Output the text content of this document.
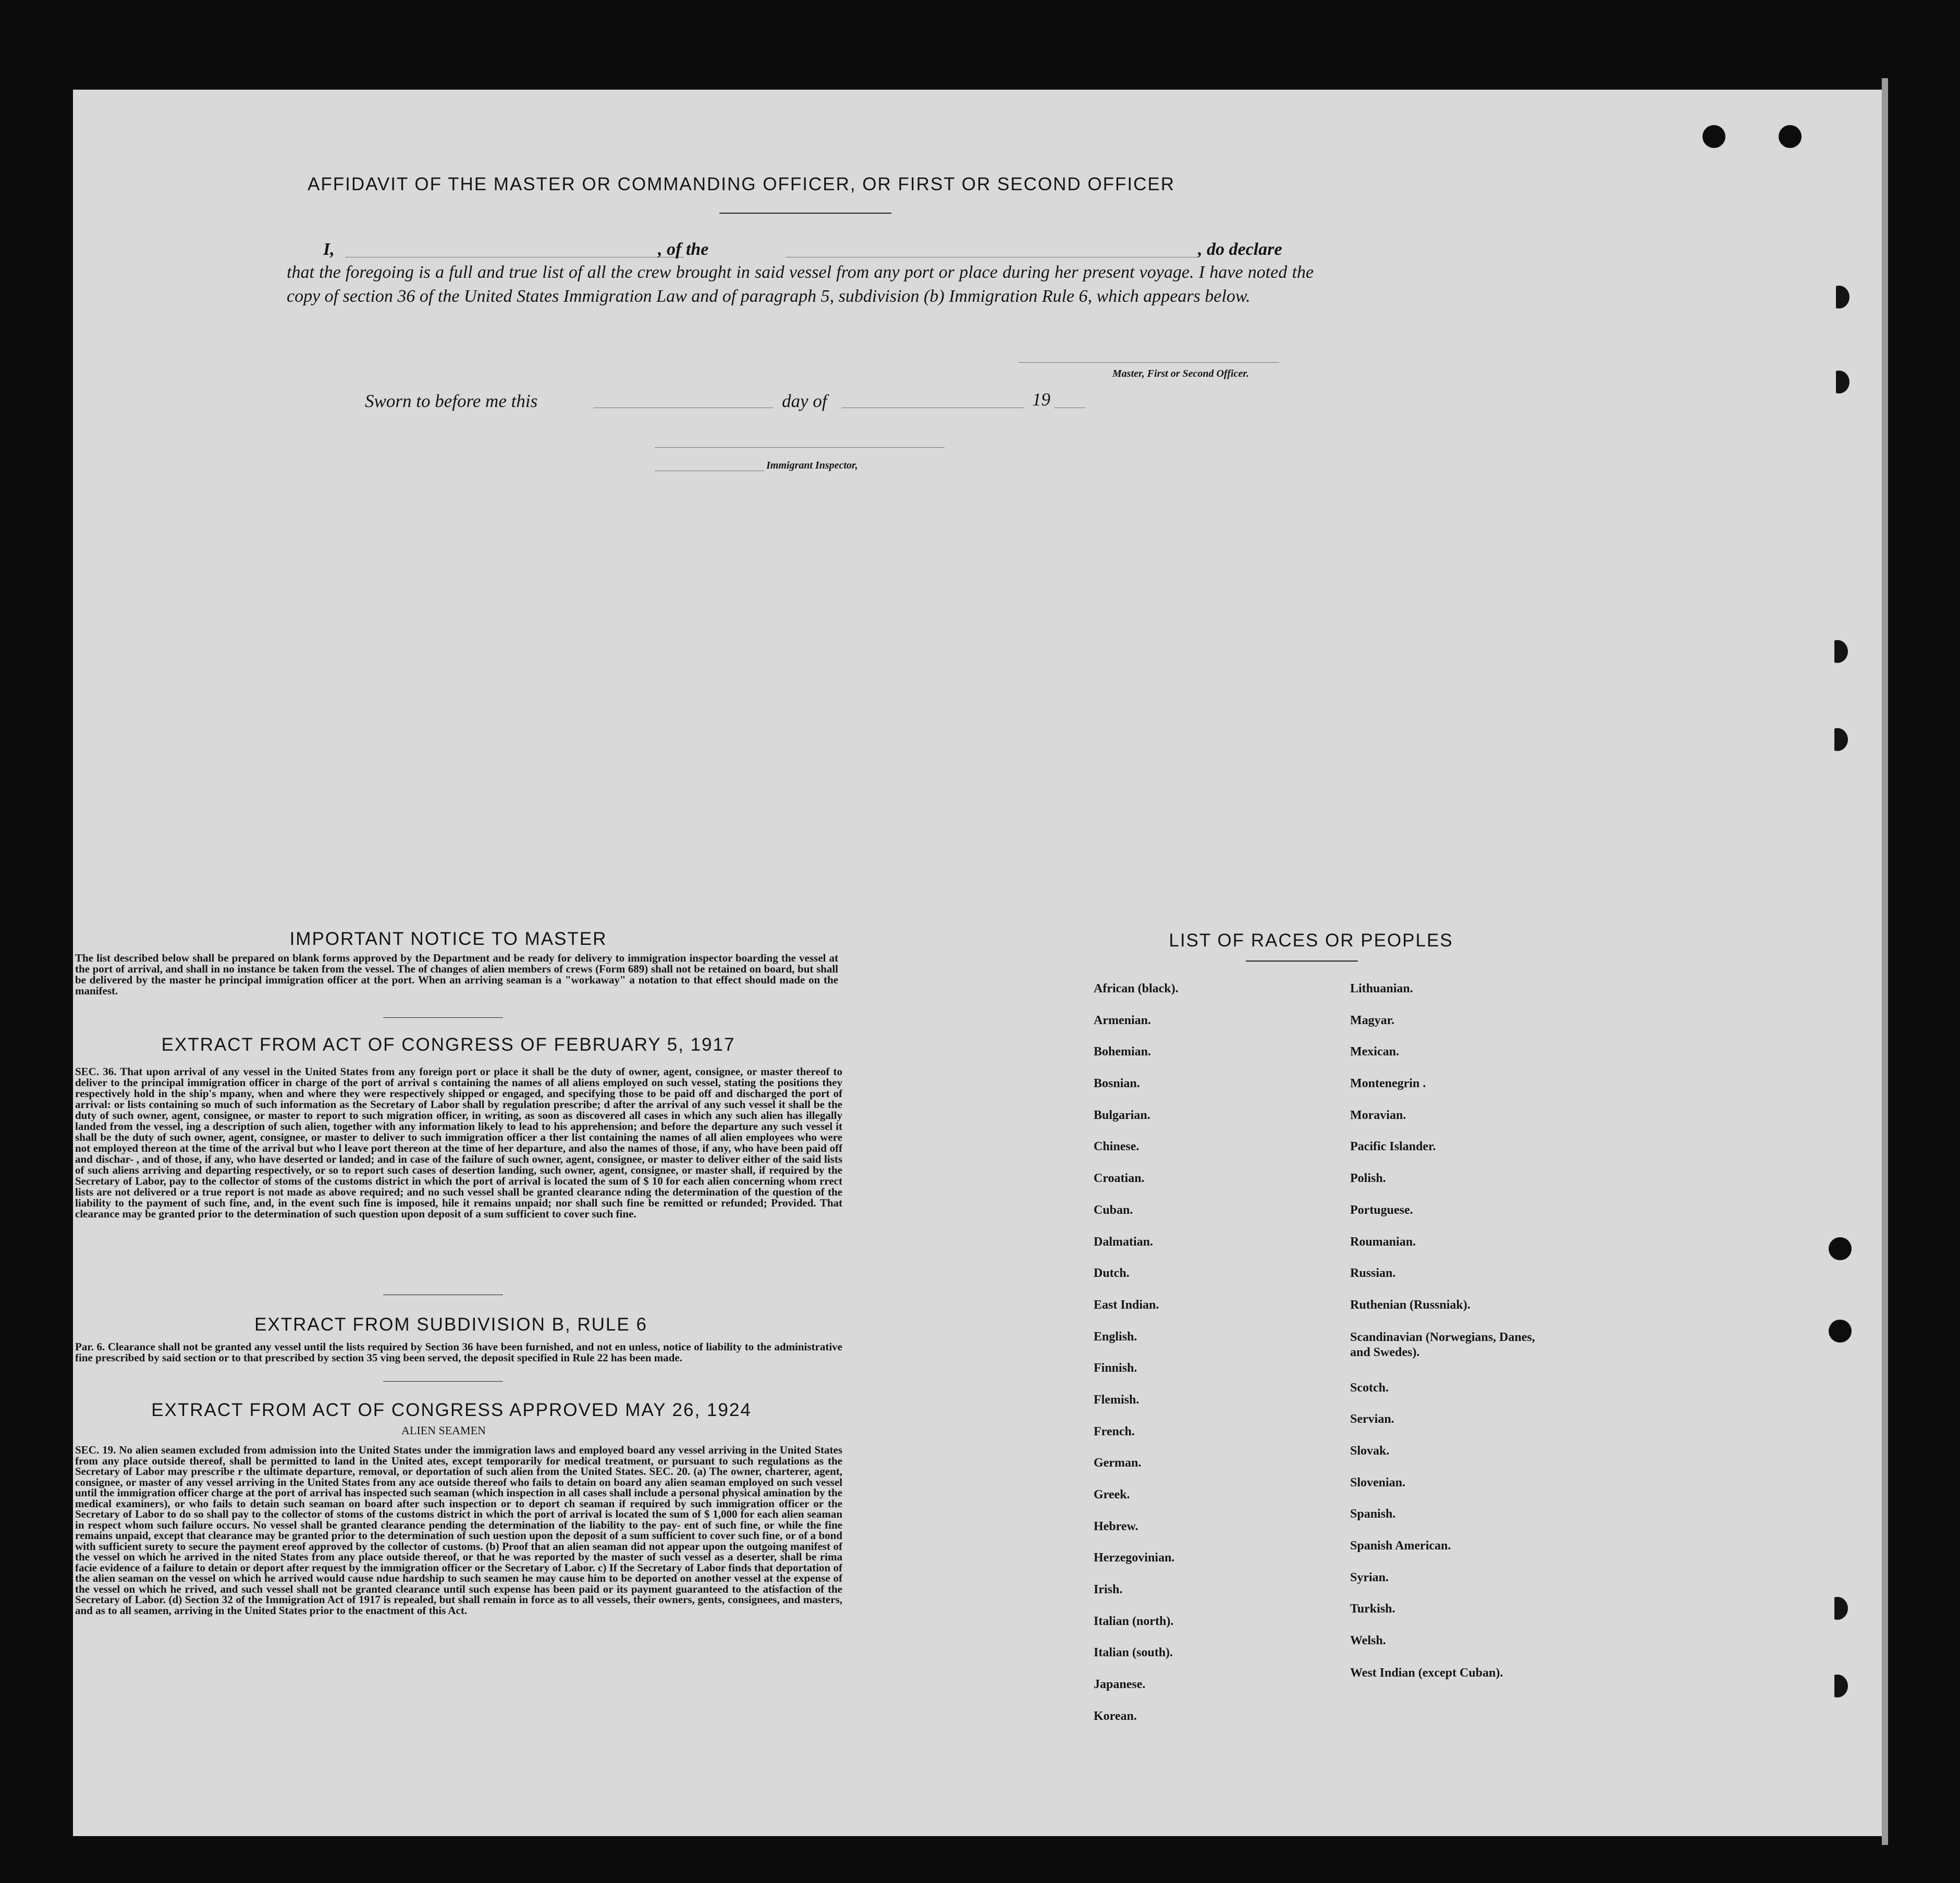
AFFIDAVIT OF THE MASTER OR COMMANDING OFFICER, OR FIRST OR SECOND OFFICER
I,	, of the	, do declare
that the foregoing is a full and true list of all the crew brought in said vessel from any port or place during her present voyage. I have noted the copy of section 36 of the United States Immigration Law and of paragraph 5, subdivision (b) Immigration Rule 6, which appears below.
Master, First or Second Officer.
Sworn to before me this	day of	19
Immigrant Inspector,
IMPORTANT NOTICE TO MASTER
The list described below shall be prepared on blank forms approved by the Department and be ready for delivery to immigration inspector boarding the vessel at the port of arrival, and shall in no instance be taken from the vessel. The of changes of alien members of crews (Form 689) shall not be retained on board, but shall be delivered by the master he principal immigration officer at the port. When an arriving seaman is a "workaway" a notation to that effect should made on the manifest.
EXTRACT FROM ACT OF CONGRESS OF FEBRUARY 5, 1917
SEC. 36. That upon arrival of any vessel in the United States from any foreign port or place it shall be the duty of owner, agent, consignee, or master thereof to deliver to the principal immigration officer in charge of the port of arrival s containing the names of all aliens employed on such vessel, stating the positions they respectively hold in the ship's mpany, when and where they were respectively shipped or engaged, and specifying those to be paid off and discharged the port of arrival: or lists containing so much of such information as the Secretary of Labor shall by regulation prescribe; d after the arrival of any such vessel it shall be the duty of such owner, agent, consignee, or master to report to such migration officer, in writing, as soon as discovered all cases in which any such alien has illegally landed from the vessel, ing a description of such alien, together with any information likely to lead to his apprehension; and before the departure any such vessel it shall be the duty of such owner, agent, consignee, or master to deliver to such immigration officer a ther list containing the names of all alien employees who were not employed thereon at the time of the arrival but who l leave port thereon at the time of her departure, and also the names of those, if any, who have been paid off and dischar- , and of those, if any, who have deserted or landed; and in case of the failure of such owner, agent, consignee, or master to deliver either of the said lists of such aliens arriving and departing respectively, or so to report such cases of desertion landing, such owner, agent, consignee, or master shall, if required by the Secretary of Labor, pay to the collector of stoms of the customs district in which the port of arrival is located the sum of $ 10 for each alien concerning whom rrect lists are not delivered or a true report is not made as above required; and no such vessel shall be granted clearance nding the determination of the question of the liability to the payment of such fine, and, in the event such fine is imposed, hile it remains unpaid; nor shall such fine be remitted or refunded; Provided. That clearance may be granted prior to the determination of such question upon deposit of a sum sufficient to cover such fine.
EXTRACT FROM SUBDIVISION B, RULE 6
Par. 6. Clearance shall not be granted any vessel until the lists required by Section 36 have been furnished, and not en unless, notice of liability to the administrative fine prescribed by said section or to that prescribed by section 35 ving been served, the deposit specified in Rule 22 has been made.
EXTRACT FROM ACT OF CONGRESS APPROVED MAY 26, 1924
ALIEN SEAMEN
SEC. 19. No alien seamen excluded from admission into the United States under the immigration laws and employed board any vessel arriving in the United States from any place outside thereof, shall be permitted to land in the United ates, except temporarily for medical treatment, or pursuant to such regulations as the Secretary of Labor may prescribe r the ultimate departure, removal, or deportation of such alien from the United States. SEC. 20. (a) The owner, charterer, agent, consignee, or master of any vessel arriving in the United States from any ace outside thereof who fails to detain on board any alien seaman employed on such vessel until the immigration officer charge at the port of arrival has inspected such seaman (which inspection in all cases shall include a personal physical amination by the medical examiners), or who fails to detain such seaman on board after such inspection or to deport ch seaman if required by such immigration officer or the Secretary of Labor to do so shall pay to the collector of stoms of the customs district in which the port of arrival is located the sum of $ 1,000 for each alien seaman in respect whom such failure occurs. No vessel shall be granted clearance pending the determination of the liability to the pay- ent of such fine, or while the fine remains unpaid, except that clearance may be granted prior to the determination of such uestion upon the deposit of a sum sufficient to cover such fine, or of a bond with sufficient surety to secure the payment ereof approved by the collector of customs. (b) Proof that an alien seaman did not appear upon the outgoing manifest of the vessel on which he arrived in the nited States from any place outside thereof, or that he was reported by the master of such vessel as a deserter, shall be rima facie evidence of a failure to detain or deport after request by the immigration officer or the Secretary of Labor. c) If the Secretary of Labor finds that deportation of the alien seaman on the vessel on which he arrived would cause ndue hardship to such seamen he may cause him to be deported on another vessel at the expense of the vessel on which he rrived, and such vessel shall not be granted clearance until such expense has been paid or its payment guaranteed to the atisfaction of the Secretary of Labor. (d) Section 32 of the Immigration Act of 1917 is repealed, but shall remain in force as to all vessels, their owners, gents, consignees, and masters, and as to all seamen, arriving in the United States prior to the enactment of this Act.
LIST OF RACES OR PEOPLES
African (black).
Armenian.
Bohemian.
Bosnian.
Bulgarian.
Chinese.
Croatian.
Cuban.
Dalmatian.
Dutch.
East Indian.
English.
Finnish.
Flemish.
French.
German.
Greek.
Hebrew.
Herzegovinian.
Irish.
Italian (north).
Italian (south).
Japanese.
Korean.
Lithuanian.
Magyar.
Mexican.
Montenegrin .
Moravian.
Pacific Islander.
Polish.
Portuguese.
Roumanian.
Russian.
Ruthenian (Russniak).
Scandinavian (Norwegians, Danes, and Swedes).
Scotch.
Servian.
Slovak.
Slovenian.
Spanish.
Spanish American.
Syrian.
Turkish.
Welsh.
West Indian (except Cuban).
